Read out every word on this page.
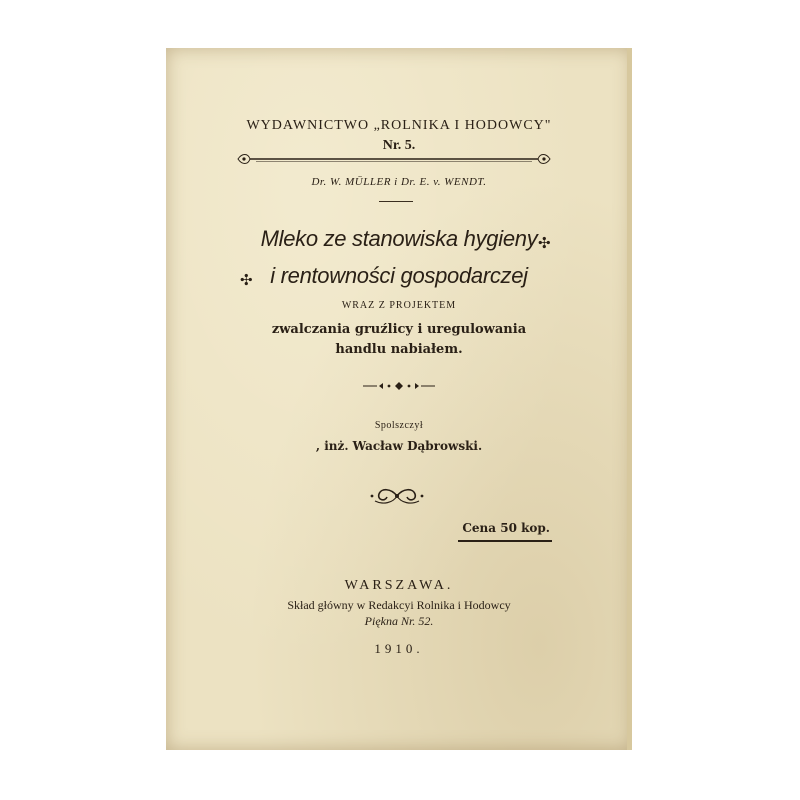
WYDAWNICTWO „ROLNIKA I HODOWCY"
Nr. 5.
Dr. W. MÜLLER i Dr. E. v. WENDT.
Mleko ze stanowiska hygieny ✣
i rentowności gospodarczej
✣
WRAZ Z PROJEKTEM
zwalczania gruźlicy i uregulowania
handlu nabiałem.
Spolszczył
, inż. Wacław Dąbrowski.
Cena 50 kop.
WARSZAWA.
Skład główny w Redakcyi Rolnika i Hodowcy
Piękna Nr. 52.
1910.
